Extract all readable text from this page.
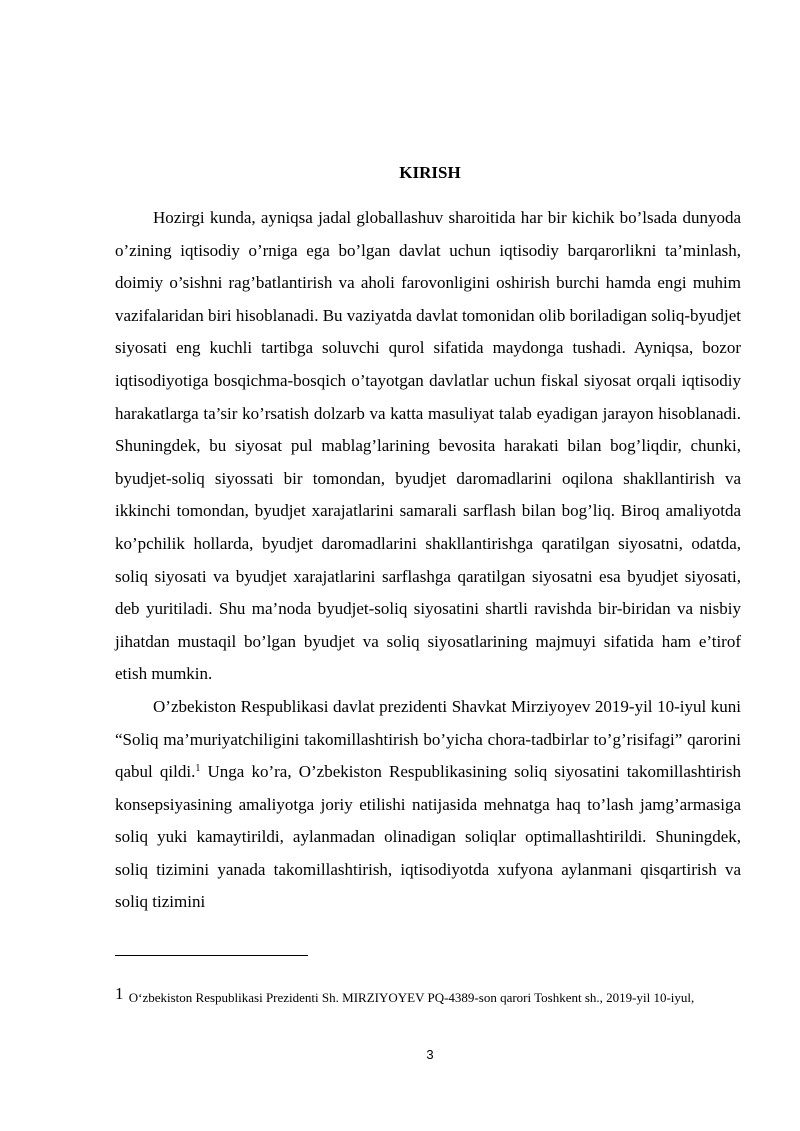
KIRISH

Hozirgi kunda, ayniqsa jadal globallashuv sharoitida har bir kichik bo’lsada dunyoda o’zining iqtisodiy o’rniga ega bo’lgan davlat uchun iqtisodiy barqarorlikni ta’minlash, doimiy o’sishni rag’batlantirish va aholi farovonligini oshirish burchi hamda engi muhim vazifalaridan biri hisoblanadi. Bu vaziyatda davlat tomonidan olib boriladigan soliq-byudjet siyosati eng kuchli tartibga soluvchi qurol sifatida maydonga tushadi. Ayniqsa, bozor iqtisodiyotiga bosqichma-bosqich o’tayotgan davlatlar uchun fiskal siyosat orqali iqtisodiy harakatlarga ta’sir ko’rsatish dolzarb va katta masuliyat talab eyadigan jarayon hisoblanadi. Shuningdek, bu siyosat pul mablag’larining bevosita harakati bilan bog’liqdir, chunki, byudjet-soliq siyossati bir tomondan, byudjet daromadlarini oqilona shakllantirish va ikkinchi tomondan, byudjet xarajatlarini samarali sarflash bilan bog’liq. Biroq amaliyotda ko’pchilik hollarda, byudjet daromadlarini shakllantirishga qaratilgan siyosatni, odatda, soliq siyosati va byudjet xarajatlarini sarflashga qaratilgan siyosatni esa byudjet siyosati, deb yuritiladi. Shu ma’noda byudjet-soliq siyosatini shartli ravishda bir-biridan va nisbiy jihatdan mustaqil bo’lgan byudjet va soliq siyosatlarining majmuyi sifatida ham e’tirof etish mumkin.

O’zbekiston Respublikasi davlat prezidenti Shavkat Mirziyoyev 2019-yil 10-iyul kuni “Soliq ma’muriyatchiligini takomillashtirish bo’yicha chora-tadbirlar to’g’risifagi” qarorini qabul qildi.$^1$ Unga ko’ra, O’zbekiston Respublikasining soliq siyosatini takomillashtirish konsepsiyasining amaliyotga joriy etilishi natijasida mehnatga haq to’lash jamg’armasiga soliq yuki kamaytirildi, aylanmadan olinadigan soliqlar optimallashtirildi. Shuningdek, soliq tizimini yanada takomillashtirish, iqtisodiyotda xufyona aylanmani qisqartirish va soliq tizimini

1 O‘zbekiston Respublikasi Prezidenti Sh. MIRZIYOYEV PQ-4389-son qarori Toshkent sh., 2019-yil 10-iyul,
3
